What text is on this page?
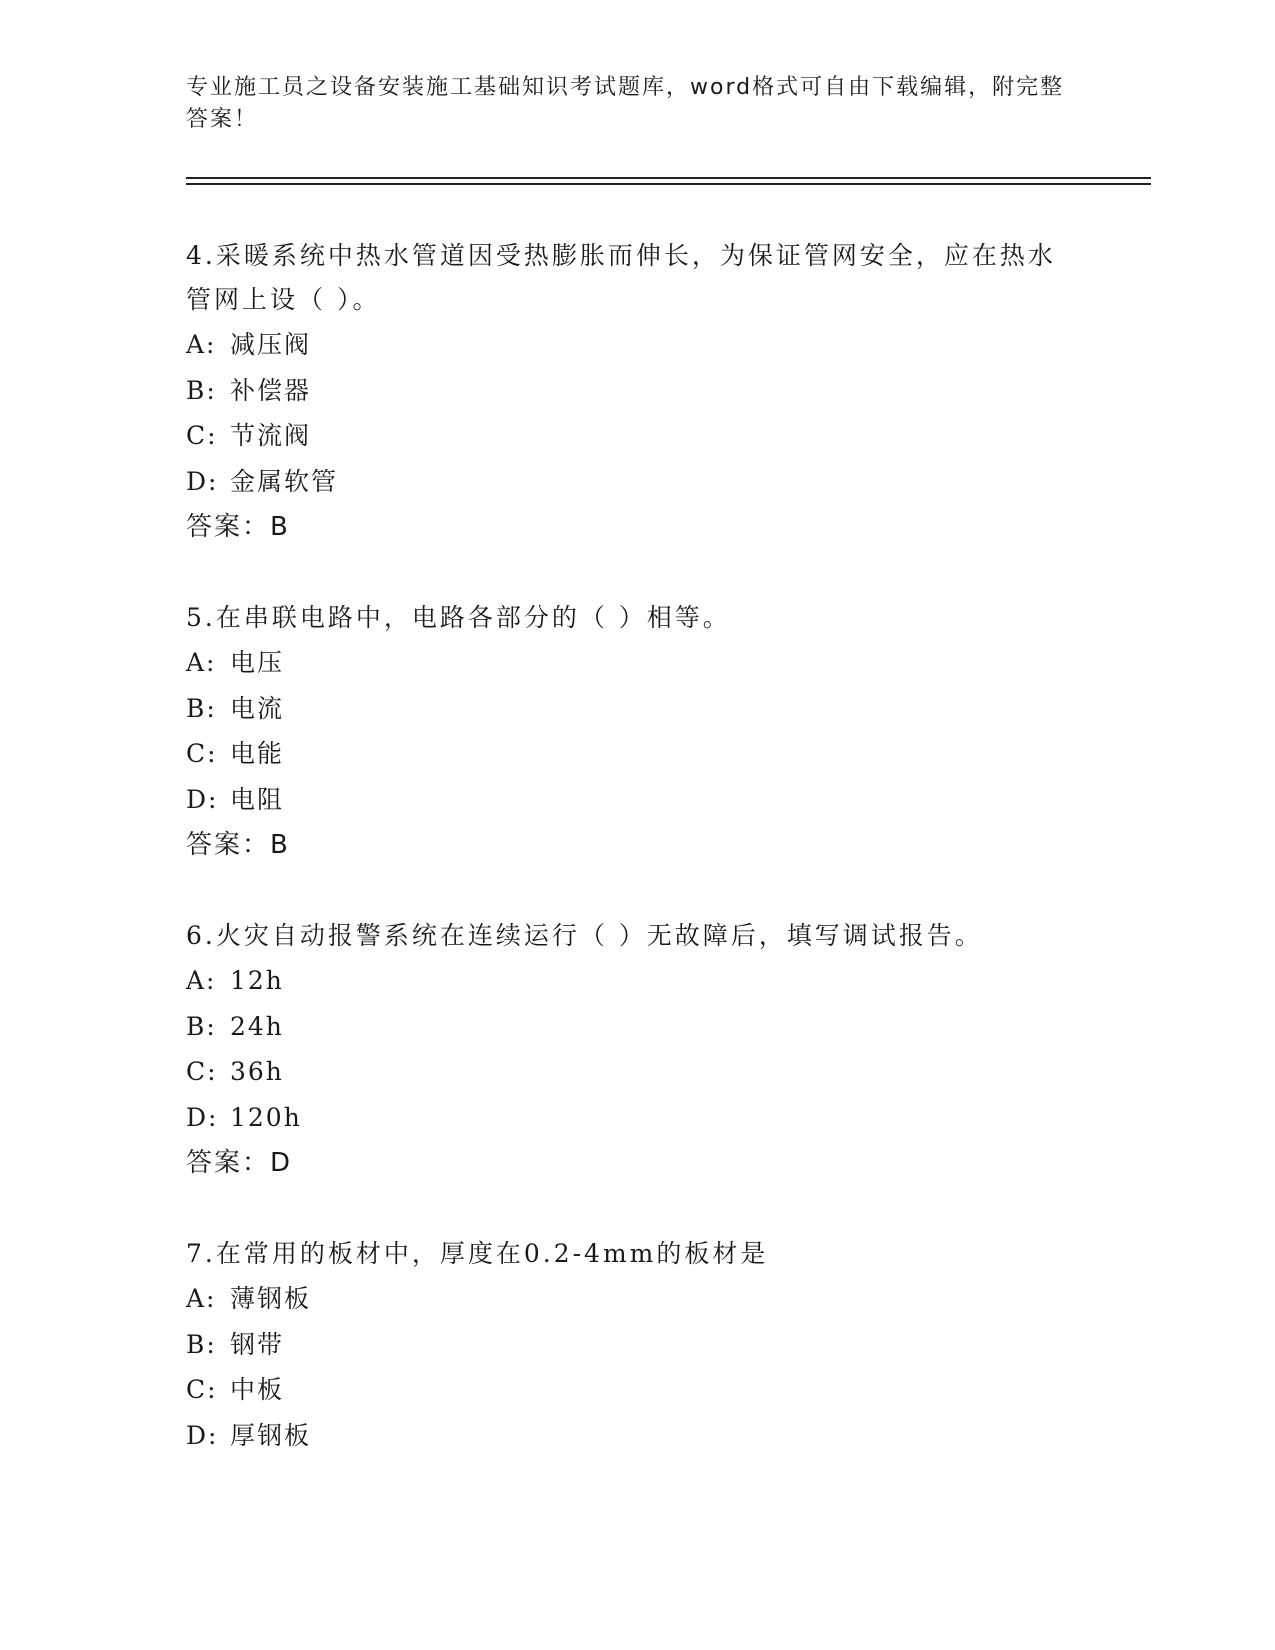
专业施工员之设备安装施工基础知识考试题库，word格式可自由下载编辑，附完整答案！

4.采暖系统中热水管道因受热膨胀而伸长，为保证管网安全，应在热水管网上设（ ）。

A: 减压阀
B: 补偿器
C: 节流阀
D: 金属软管
答案：B

5.在串联电路中，电路各部分的（ ）相等。

A: 电压
B: 电流
C: 电能
D: 电阻
答案：B

6.火灾自动报警系统在连续运行（ ）无故障后，填写调试报告。

A: 12h
B: 24h
C: 36h
D: 120h
答案：D

7.在常用的板材中，厚度在0.2-4mm的板材是

A: 薄钢板
B: 钢带
C: 中板
D: 厚钢板
